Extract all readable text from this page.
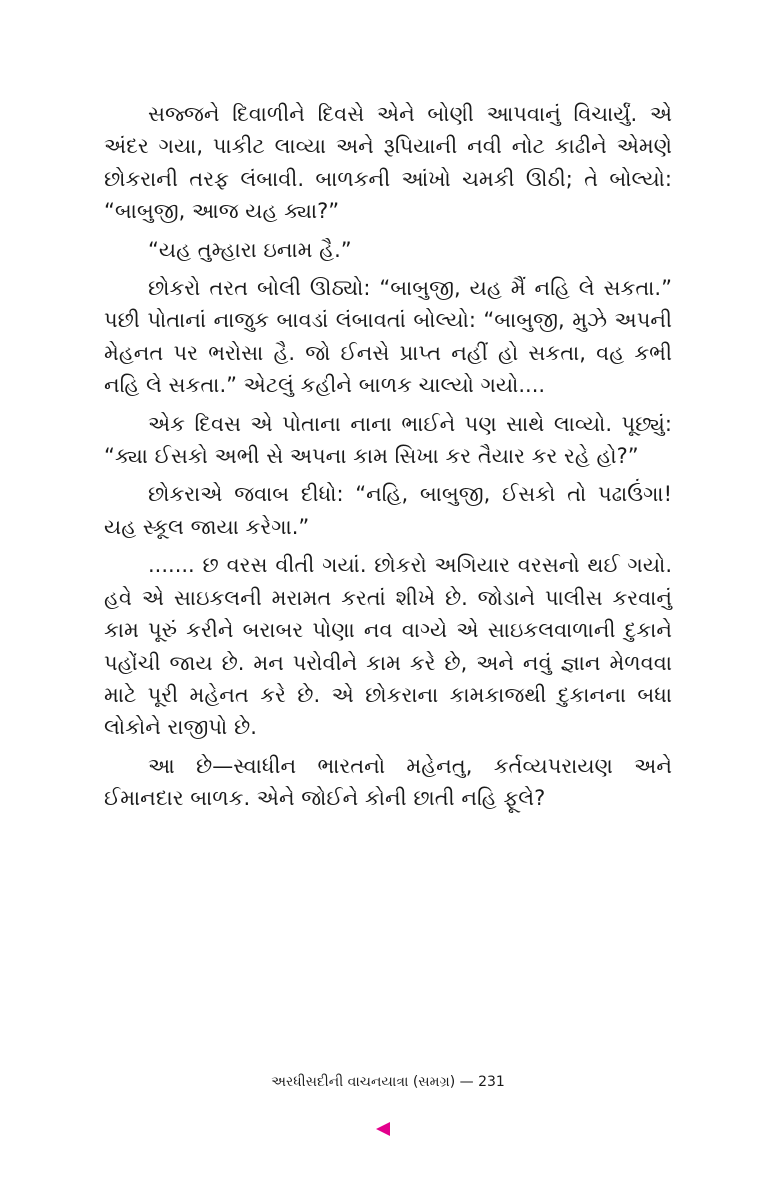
સજ્જને દિવાળીને દિવસે એને બોણી આપવાનું વિચાર્યું. એ અંદર ગયા, પાકીટ લાવ્યા અને રૂપિયાની નવી નોટ કાઢીને એમણે છોકરાની તરફ લંબાવી. બાળકની આંખો ચમકી ઊઠી; તે બોલ્યો: “બાબુજી, આજ યહ ક્યા?”

“યહ તુમ્હારા ઇનામ હૈ.”

છોકરો તરત બોલી ઊઠ્યો: “બાબુજી, યહ મૈં નહિ લે સકતા.” પછી પોતાનાં નાજુક બાવડાં લંબાવતાં બોલ્યો: “બાબુજી, મુઝે અપની મેહનત પર ભરોસા હૈ. જો ઈનસે પ્રાપ્ત નહીં હો સકતા, વહ કભી નહિ લે સકતા.” એટલું કહીને બાળક ચાલ્યો ગયો....

એક દિવસ એ પોતાના નાના ભાઈને પણ સાથે લાવ્યો. પૂછ્યું: “ક્યા ઈસકો અભી સે અપના કામ સિખા કર તૈયાર કર રહે હો?”

છોકરાએ જવાબ દીધો: “નહિ, બાબુજી, ઈસકો તો પઢાઉંગા! યહ સ્કૂલ જાયા કરેગા.”

....... છ વરસ વીતી ગયાં. છોકરો અગિયાર વરસનો થઈ ગયો. હવે એ સાઇકલની મરામત કરતાં શીખે છે. જોડાને પાલીસ કરવાનું કામ પૂરું કરીને બરાબર પોણા નવ વાગ્યે એ સાઇકલવાળાની દુકાને પહોંચી જાય છે. મન પરોવીને કામ કરે છે, અને નવું જ્ઞાન મેળવવા માટે પૂરી મહેનત કરે છે. એ છોકરાના કામકાજથી દુકાનના બધા લોકોને રાજીપો છે.

આ છે—સ્વાધીન ભારતનો મહેનતુ, કર્તવ્યપરાયણ અને ઈમાનદાર બાળક. એને જોઈને કોની છાતી નહિ ફૂલે?

અરધીસદીની વાચનયાત્રા (સમગ્ર) — 231
